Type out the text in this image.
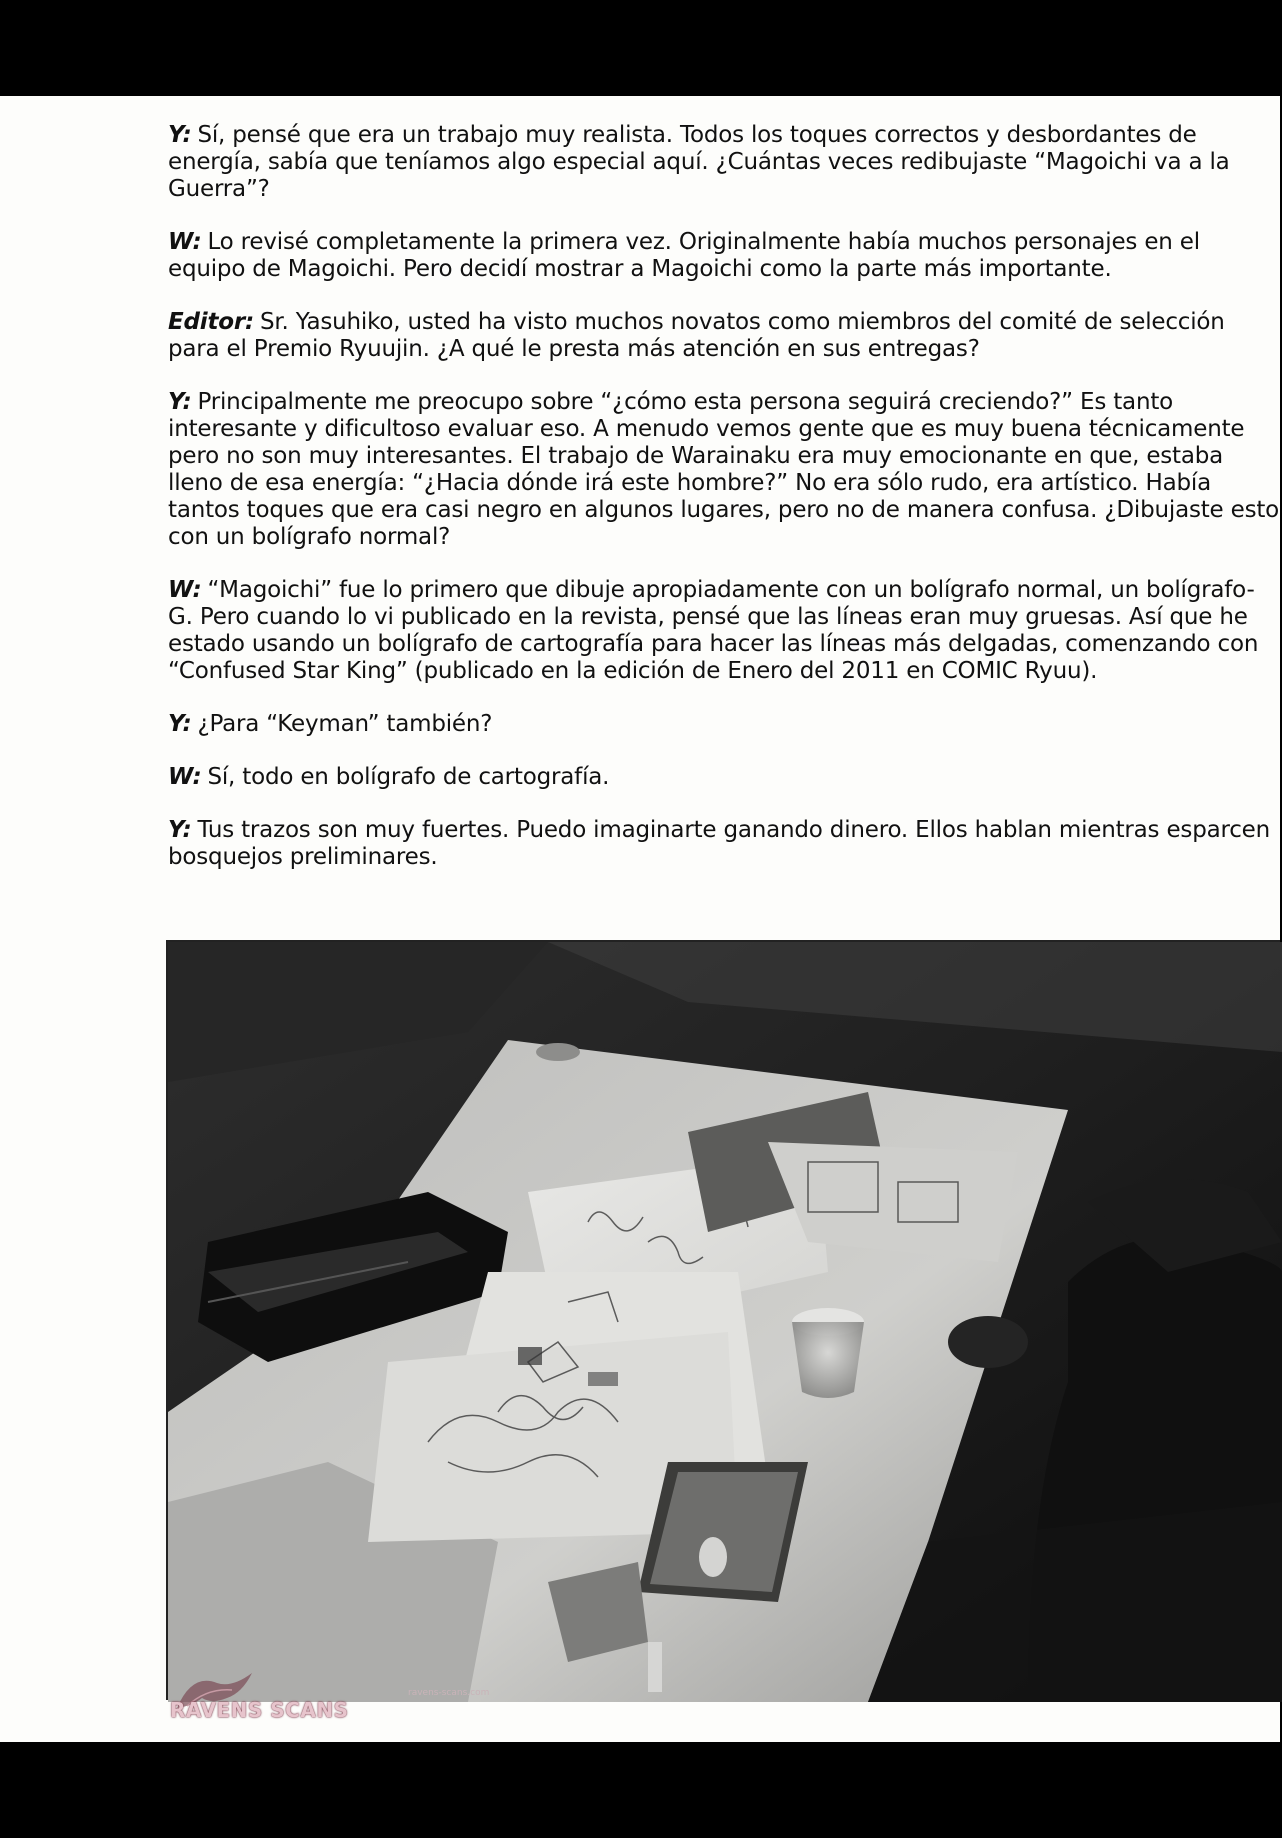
Y: Sí, pensé que era un trabajo muy realista. Todos los toques correctos y desbordantes de energía, sabía que teníamos algo especial aquí. ¿Cuántas veces redibujaste “Magoichi va a la Guerra”?

W: Lo revisé completamente la primera vez. Originalmente había muchos personajes en el equipo de Magoichi. Pero decidí mostrar a Magoichi como la parte más importante.

Editor: Sr. Yasuhiko, usted ha visto muchos novatos como miembros del comité de selección para el Premio Ryuujin. ¿A qué le presta más atención en sus entregas?

Y: Principalmente me preocupo sobre “¿cómo esta persona seguirá creciendo?” Es tanto interesante y dificultoso evaluar eso. A menudo vemos gente que es muy buena técnicamente pero no son muy interesantes. El trabajo de Warainaku era muy emocionante en que, estaba lleno de esa energía: “¿Hacia dónde irá este hombre?” No era sólo rudo, era artístico. Había tantos toques que era casi negro en algunos lugares, pero no de manera confusa. ¿Dibujaste esto con un bolígrafo normal?

W: “Magoichi” fue lo primero que dibuje apropiadamente con un bolígrafo normal, un bolígrafo-G. Pero cuando lo vi publicado en la revista, pensé que las líneas eran muy gruesas. Así que he estado usando un bolígrafo de cartografía para hacer las líneas más delgadas, comenzando con “Confused Star King” (publicado en la edición de Enero del 2011 en COMIC Ryuu).

Y: ¿Para “Keyman” también?

W: Sí, todo en bolígrafo de cartografía.

Y: Tus trazos son muy fuertes. Puedo imaginarte ganando dinero. Ellos hablan mientras esparcen bosquejos preliminares.

ravens-scans.com
RAVENS SCANS
